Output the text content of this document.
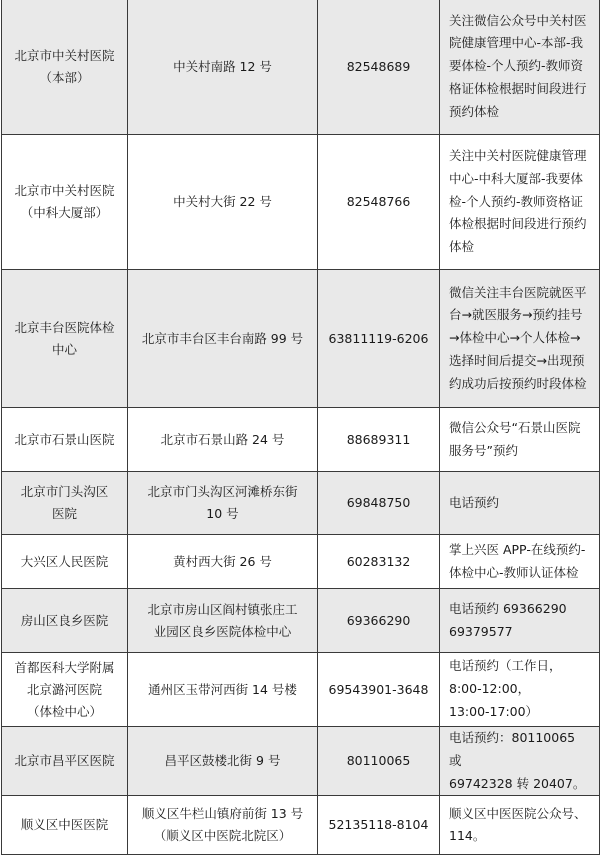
北京市中关村医院
（本部）	中关村南路 12 号	82548689	关注微信公众号中关村医
院健康管理中心-本部-我
要体检-个人预约-教师资
格证体检根据时间段进行
预约体检

北京市中关村医院
（中科大厦部）	中关村大街 22 号	82548766	关注中关村医院健康管理
中心-中科大厦部-我要体
检-个人预约-教师资格证
体检根据时间段进行预约
体检

北京丰台医院体检
中心	北京市丰台区丰台南路 99 号	63811119-6206	微信关注丰台医院就医平
台→就医服务→预约挂号
→体检中心→个人体检→
选择时间后提交→出现预
约成功后按预约时段体检

北京市石景山医院	北京市石景山路 24 号	88689311	微信公众号“石景山医院
服务号”预约

北京市门头沟区
医院	北京市门头沟区河滩桥东街
10 号	69848750	电话预约

大兴区人民医院	黄村西大街 26 号	60283132	掌上兴医 APP-在线预约-
体检中心-教师认证体检

房山区良乡医院	北京市房山区阎村镇张庄工
业园区良乡医院体检中心	69366290	电话预约 69366290
69379577

首都医科大学附属
北京潞河医院
（体检中心）	通州区玉带河西街 14 号楼	69543901-3648	电话预约（工作日，
8:00-12:00，
13:00-17:00）

北京市昌平区医院	昌平区鼓楼北街 9 号	80110065	电话预约：80110065 或
69742328 转 20407。

顺义区中医医院	顺义区牛栏山镇府前街 13 号
（顺义区中医院北院区）	52135118-8104	顺义区中医医院公众号、
114。
